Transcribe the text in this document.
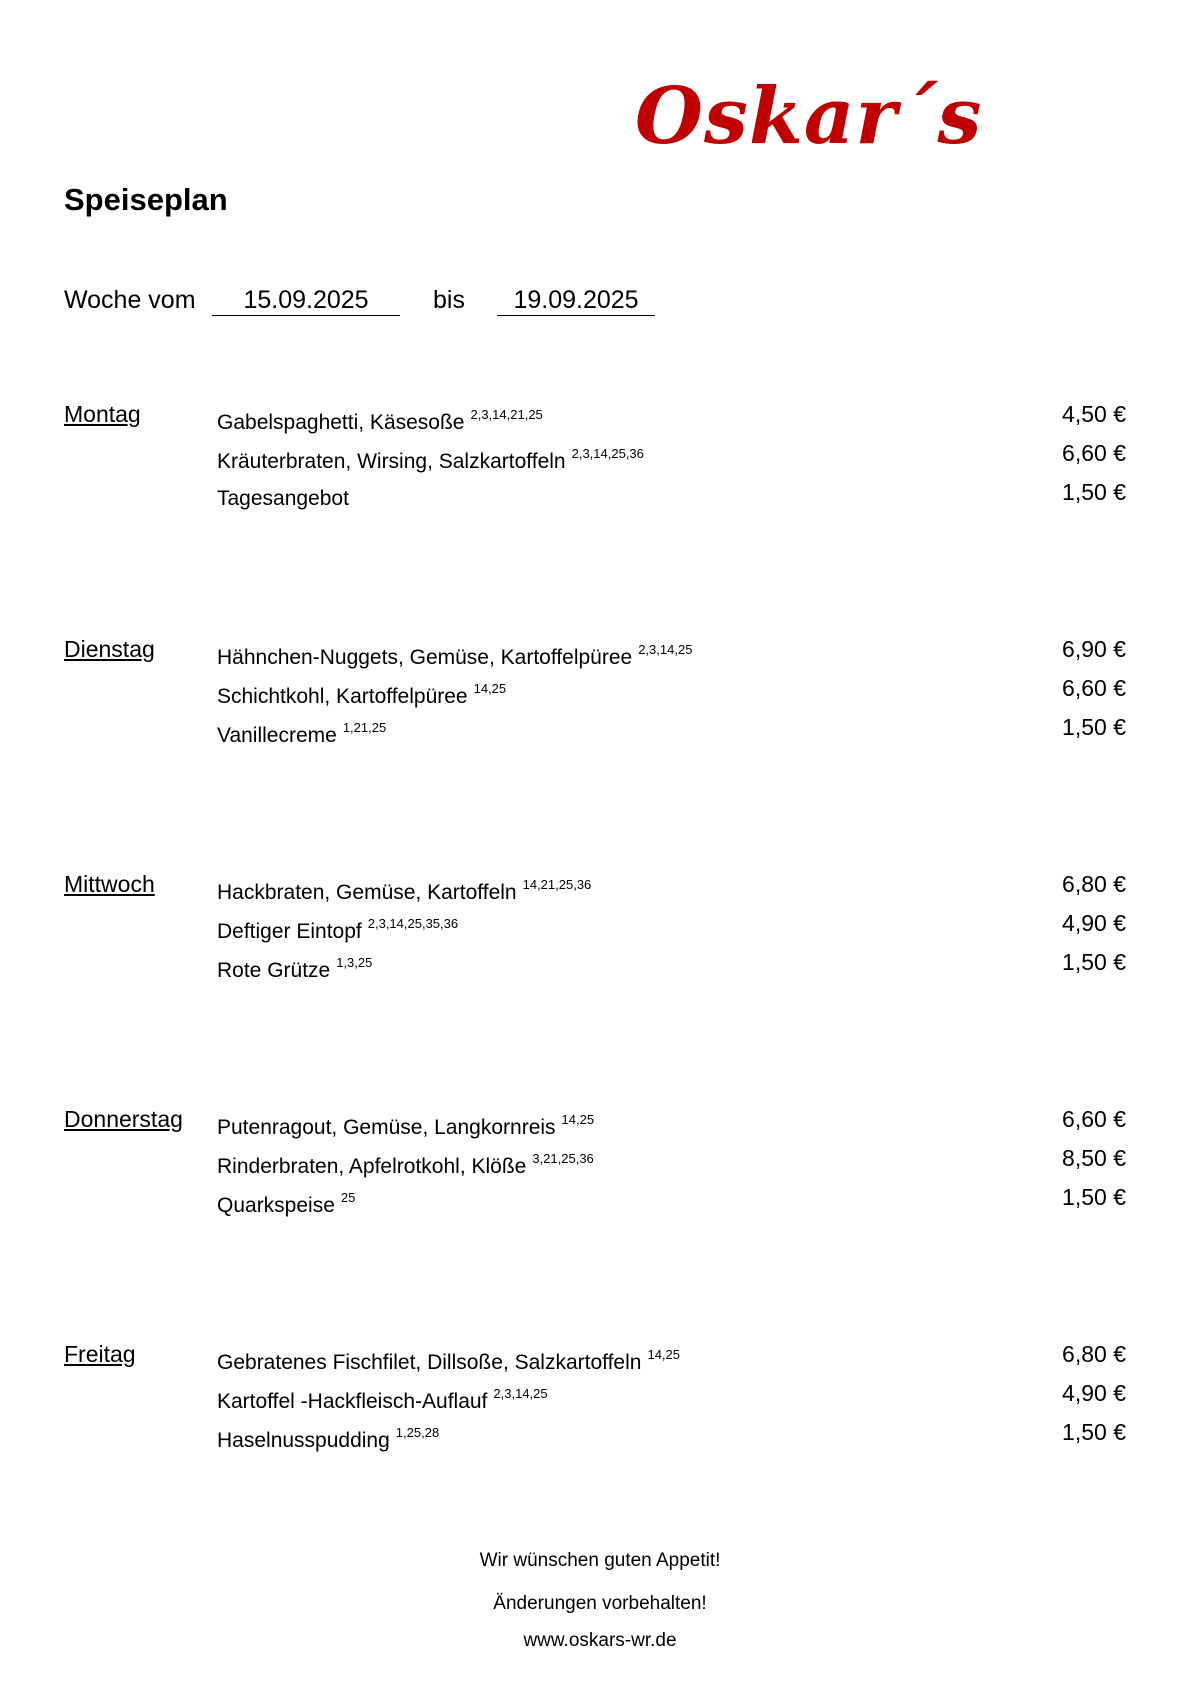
Oskar´s
Speiseplan
Woche vom	15.09.2025	bis	19.09.2025
Montag	Gabelspaghetti, Käsesoße $^{2,3,14,21,25}$	4,50 €
Kräuterbraten, Wirsing, Salzkartoffeln $^{2,3,14,25,36}$	6,60 €
Tagesangebot	1,50 €
Dienstag	Hähnchen-Nuggets, Gemüse, Kartoffelpüree $^{2,3,14,25}$	6,90 €
Schichtkohl, Kartoffelpüree $^{14,25}$	6,60 €
Vanillecreme $^{1,21,25}$	1,50 €
Mittwoch	Hackbraten, Gemüse, Kartoffeln $^{14,21,25,36}$	6,80 €
Deftiger Eintopf $^{2,3,14,25,35,36}$	4,90 €
Rote Grütze $^{1,3,25}$	1,50 €
Donnerstag Putenragout, Gemüse, Langkornreis $^{14,25}$	6,60 €
Rinderbraten, Apfelrotkohl, Klöße $^{3,21,25,36}$	8,50 €
Quarkspeise $^{25}$	1,50 €
Freitag	Gebratenes Fischfilet, Dillsoße, Salzkartoffeln $^{14,25}$	6,80 €
Kartoffel -Hackfleisch-Auflauf $^{2,3,14,25}$	4,90 €
Haselnusspudding $^{1,25,28}$	1,50 €
Wir wünschen guten Appetit!
Änderungen vorbehalten!
www.oskars-wr.de
